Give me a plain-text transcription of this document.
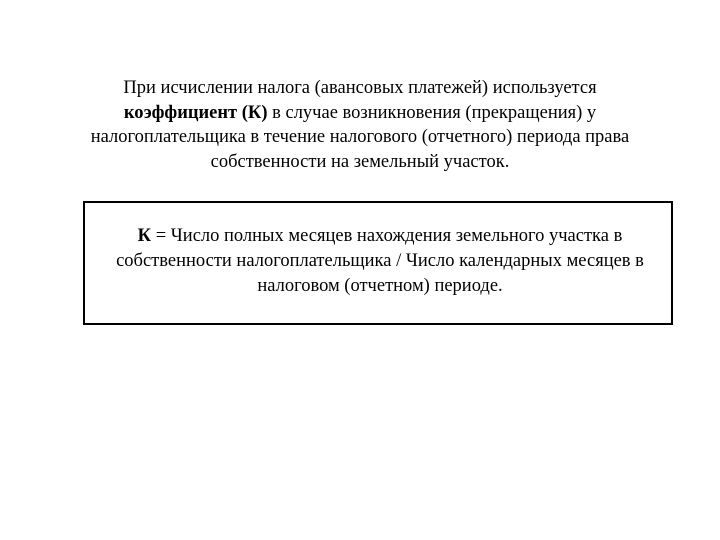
При исчислении налога (авансовых платежей) используется
коэффициент (К) в случае возникновения (прекращения) у
налогоплательщика в течение налогового (отчетного) периода права
собственности на земельный участок.
К = Число полных месяцев нахождения земельного участка в
собственности налогоплательщика / Число календарных месяцев в
налоговом (отчетном) периоде.
